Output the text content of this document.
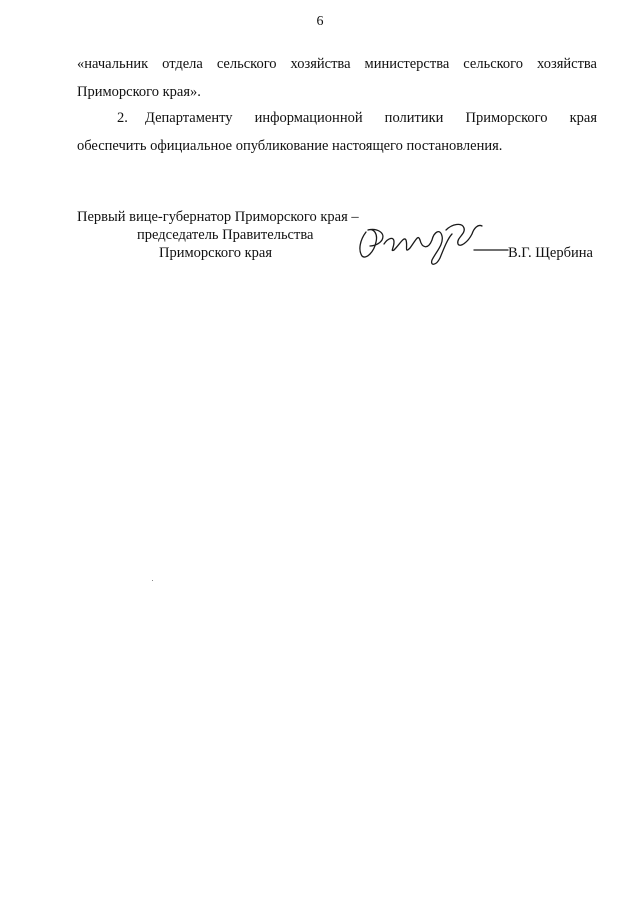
6
«начальник отдела сельского хозяйства министерства сельского хозяйства
Приморского края».
2. Департаменту информационной политики Приморского края
обеспечить официальное опубликование настоящего постановления.
Первый вице-губернатор Приморского края –
председатель Правительства
Приморского края	В.Г. Щербина
